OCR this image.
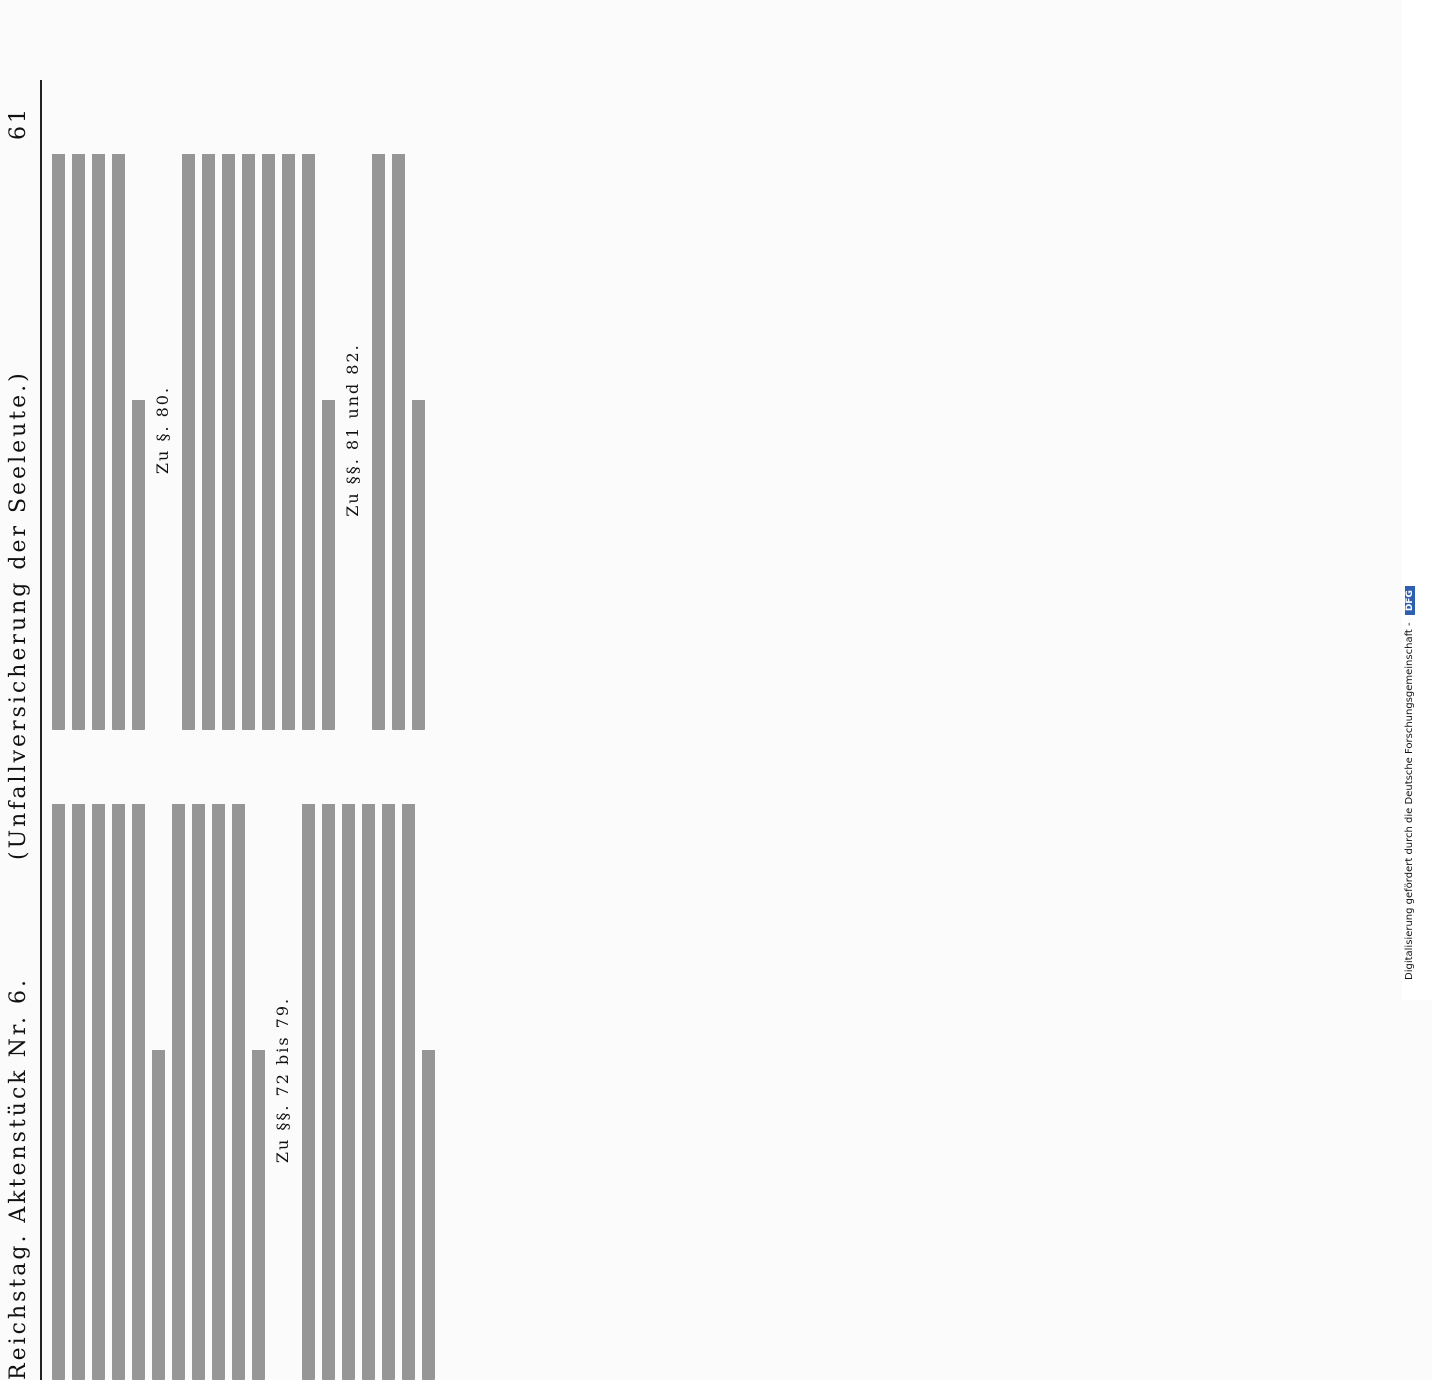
Reichstag. Aktenstück Nr. 6.
(Unfallversicherung der Seeleute.)
61
Zu §§. 72 bis 79.
Zu §. 80.	Zu §§. 81 und 82.
Digitalisierung gefördert durch die Deutsche Forschungsgemeinschaft - DFG
